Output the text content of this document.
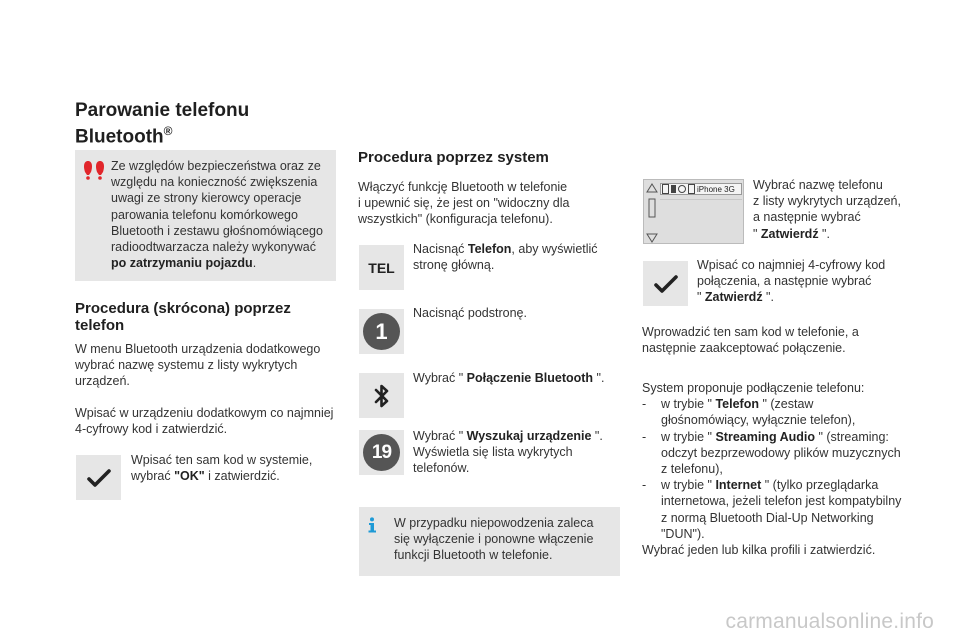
Parowanie telefonu
Bluetooth®
Ze względów bezpieczeństwa oraz ze
względu na konieczność zwiększenia
uwagi ze strony kierowcy operacje
parowania telefonu komórkowego
Bluetooth i zestawu głośnomówiącego
radioodtwarzacza należy wykonywać
po zatrzymaniu pojazdu.
Procedura (skrócona) poprzez
telefon
W menu Bluetooth urządzenia dodatkowego
wybrać nazwę systemu z listy wykrytych
urządzeń.
Wpisać w urządzeniu dodatkowym co najmniej
4-cyfrowy kod i zatwierdzić.
Wpisać ten sam kod w systemie,
wybrać "OK" i zatwierdzić.
Procedura poprzez system
Włączyć funkcję Bluetooth w telefonie
i upewnić się, że jest on "widoczny dla
wszystkich" (konfiguracja telefonu).
TEL
Nacisnąć Telefon, aby wyświetlić
stronę główną.
1
Nacisnąć podstronę.
Wybrać " Połączenie Bluetooth ".
19
Wybrać " Wyszukaj urządzenie ".
Wyświetla się lista wykrytych
telefonów.
W przypadku niepowodzenia zaleca
się wyłączenie i ponowne włączenie
funkcji Bluetooth w telefonie.
iPhone 3G Wybrać nazwę telefonu
z listy wykrytych urządzeń,
a następnie wybrać
" Zatwierdź ".
Wpisać co najmniej 4-cyfrowy kod
połączenia, a następnie wybrać
" Zatwierdź ".
Wprowadzić ten sam kod w telefonie, a
następnie zaakceptować połączenie.
System proponuje podłączenie telefonu:
- w trybie " Telefon " (zestaw
głośnomówiący, wyłącznie telefon),
- w trybie " Streaming Audio " (streaming:
odczyt bezprzewodowy plików muzycznych
z telefonu),
- w trybie " Internet " (tylko przeglądarka
internetowa, jeżeli telefon jest kompatybilny
z normą Bluetooth Dial-Up Networking
"DUN").
Wybrać jeden lub kilka profili i zatwierdzić.
carmanualsonline.info
